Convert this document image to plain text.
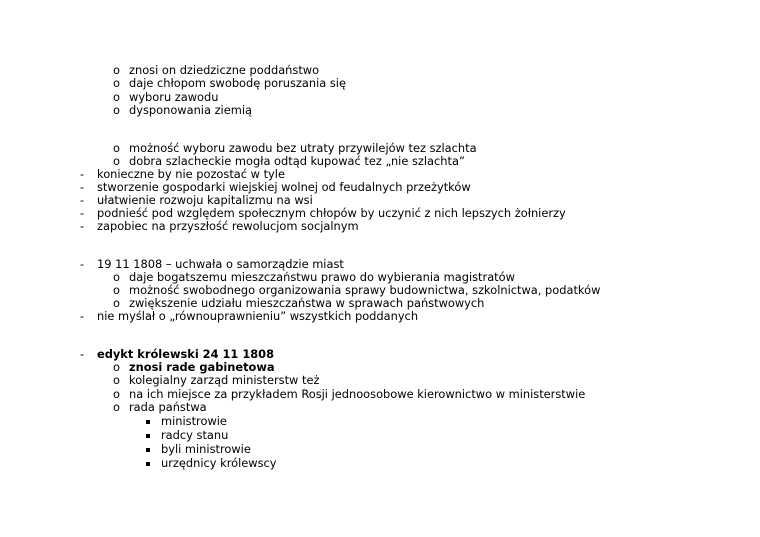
o znosi on dziedziczne poddaństwo
o daje chłopom swobodę poruszania się
o wyboru zawodu
o dysponowania ziemią
o możność wyboru zawodu bez utraty przywilejów tez szlachta
o dobra szlacheckie mogła odtąd kupować tez „nie szlachta”
- konieczne by nie pozostać w tyle
- stworzenie gospodarki wiejskiej wolnej od feudalnych przeżytków
- ułatwienie rozwoju kapitalizmu na wsi
- podnieść pod względem społecznym chłopów by uczynić z nich lepszych żołnierzy
- zapobiec na przyszłość rewolucjom socjalnym
- 19 11 1808 – uchwała o samorządzie miast
o daje bogatszemu mieszczaństwu prawo do wybierania magistratów
o możność swobodnego organizowania sprawy budownictwa, szkolnictwa, podatków
o zwiększenie udziału mieszczaństwa w sprawach państwowych
- nie myślał o „równouprawnieniu” wszystkich poddanych
- edykt królewski 24 11 1808
o znosi rade gabinetowa
o kolegialny zarząd ministerstw też
o na ich miejsce za przykładem Rosji jednoosobowe kierownictwo w ministerstwie
o rada państwa
ministrowie
radcy stanu
byli ministrowie
urzędnicy królewscy
